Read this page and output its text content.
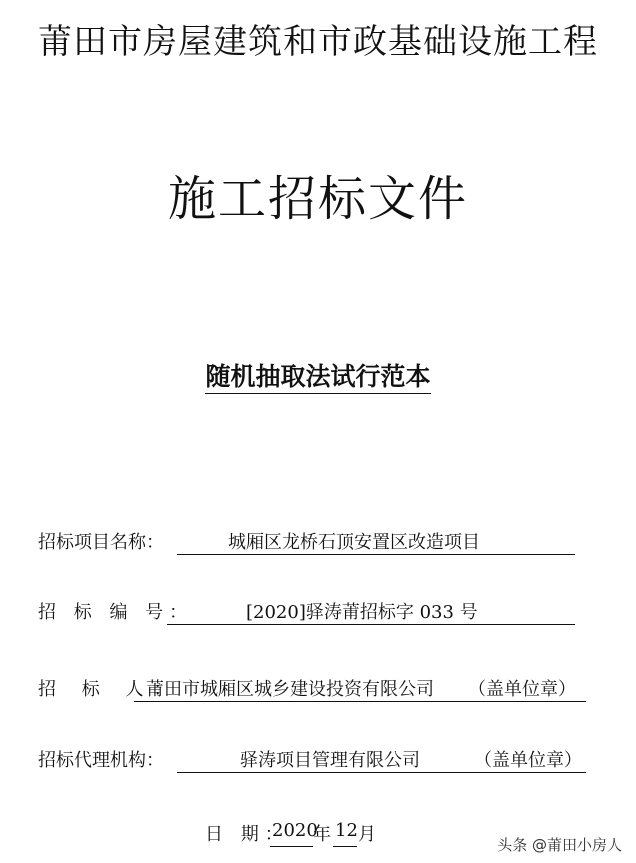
莆田市房屋建筑和市政基础设施工程
施工招标文件
随机抽取法试行范本
招标项目名称：	城厢区龙桥石顶安置区改造项目
招 标 编 号：	[2020]驿涛莆招标字 033 号
招 标 人：
莆田市城厢区城乡建设投资有限公司 （盖单位章）
招标代理机构：	驿涛项目管理有限公司	（盖单位章）
日 期：
2020
年 12 月	头条 @莆田小房人
